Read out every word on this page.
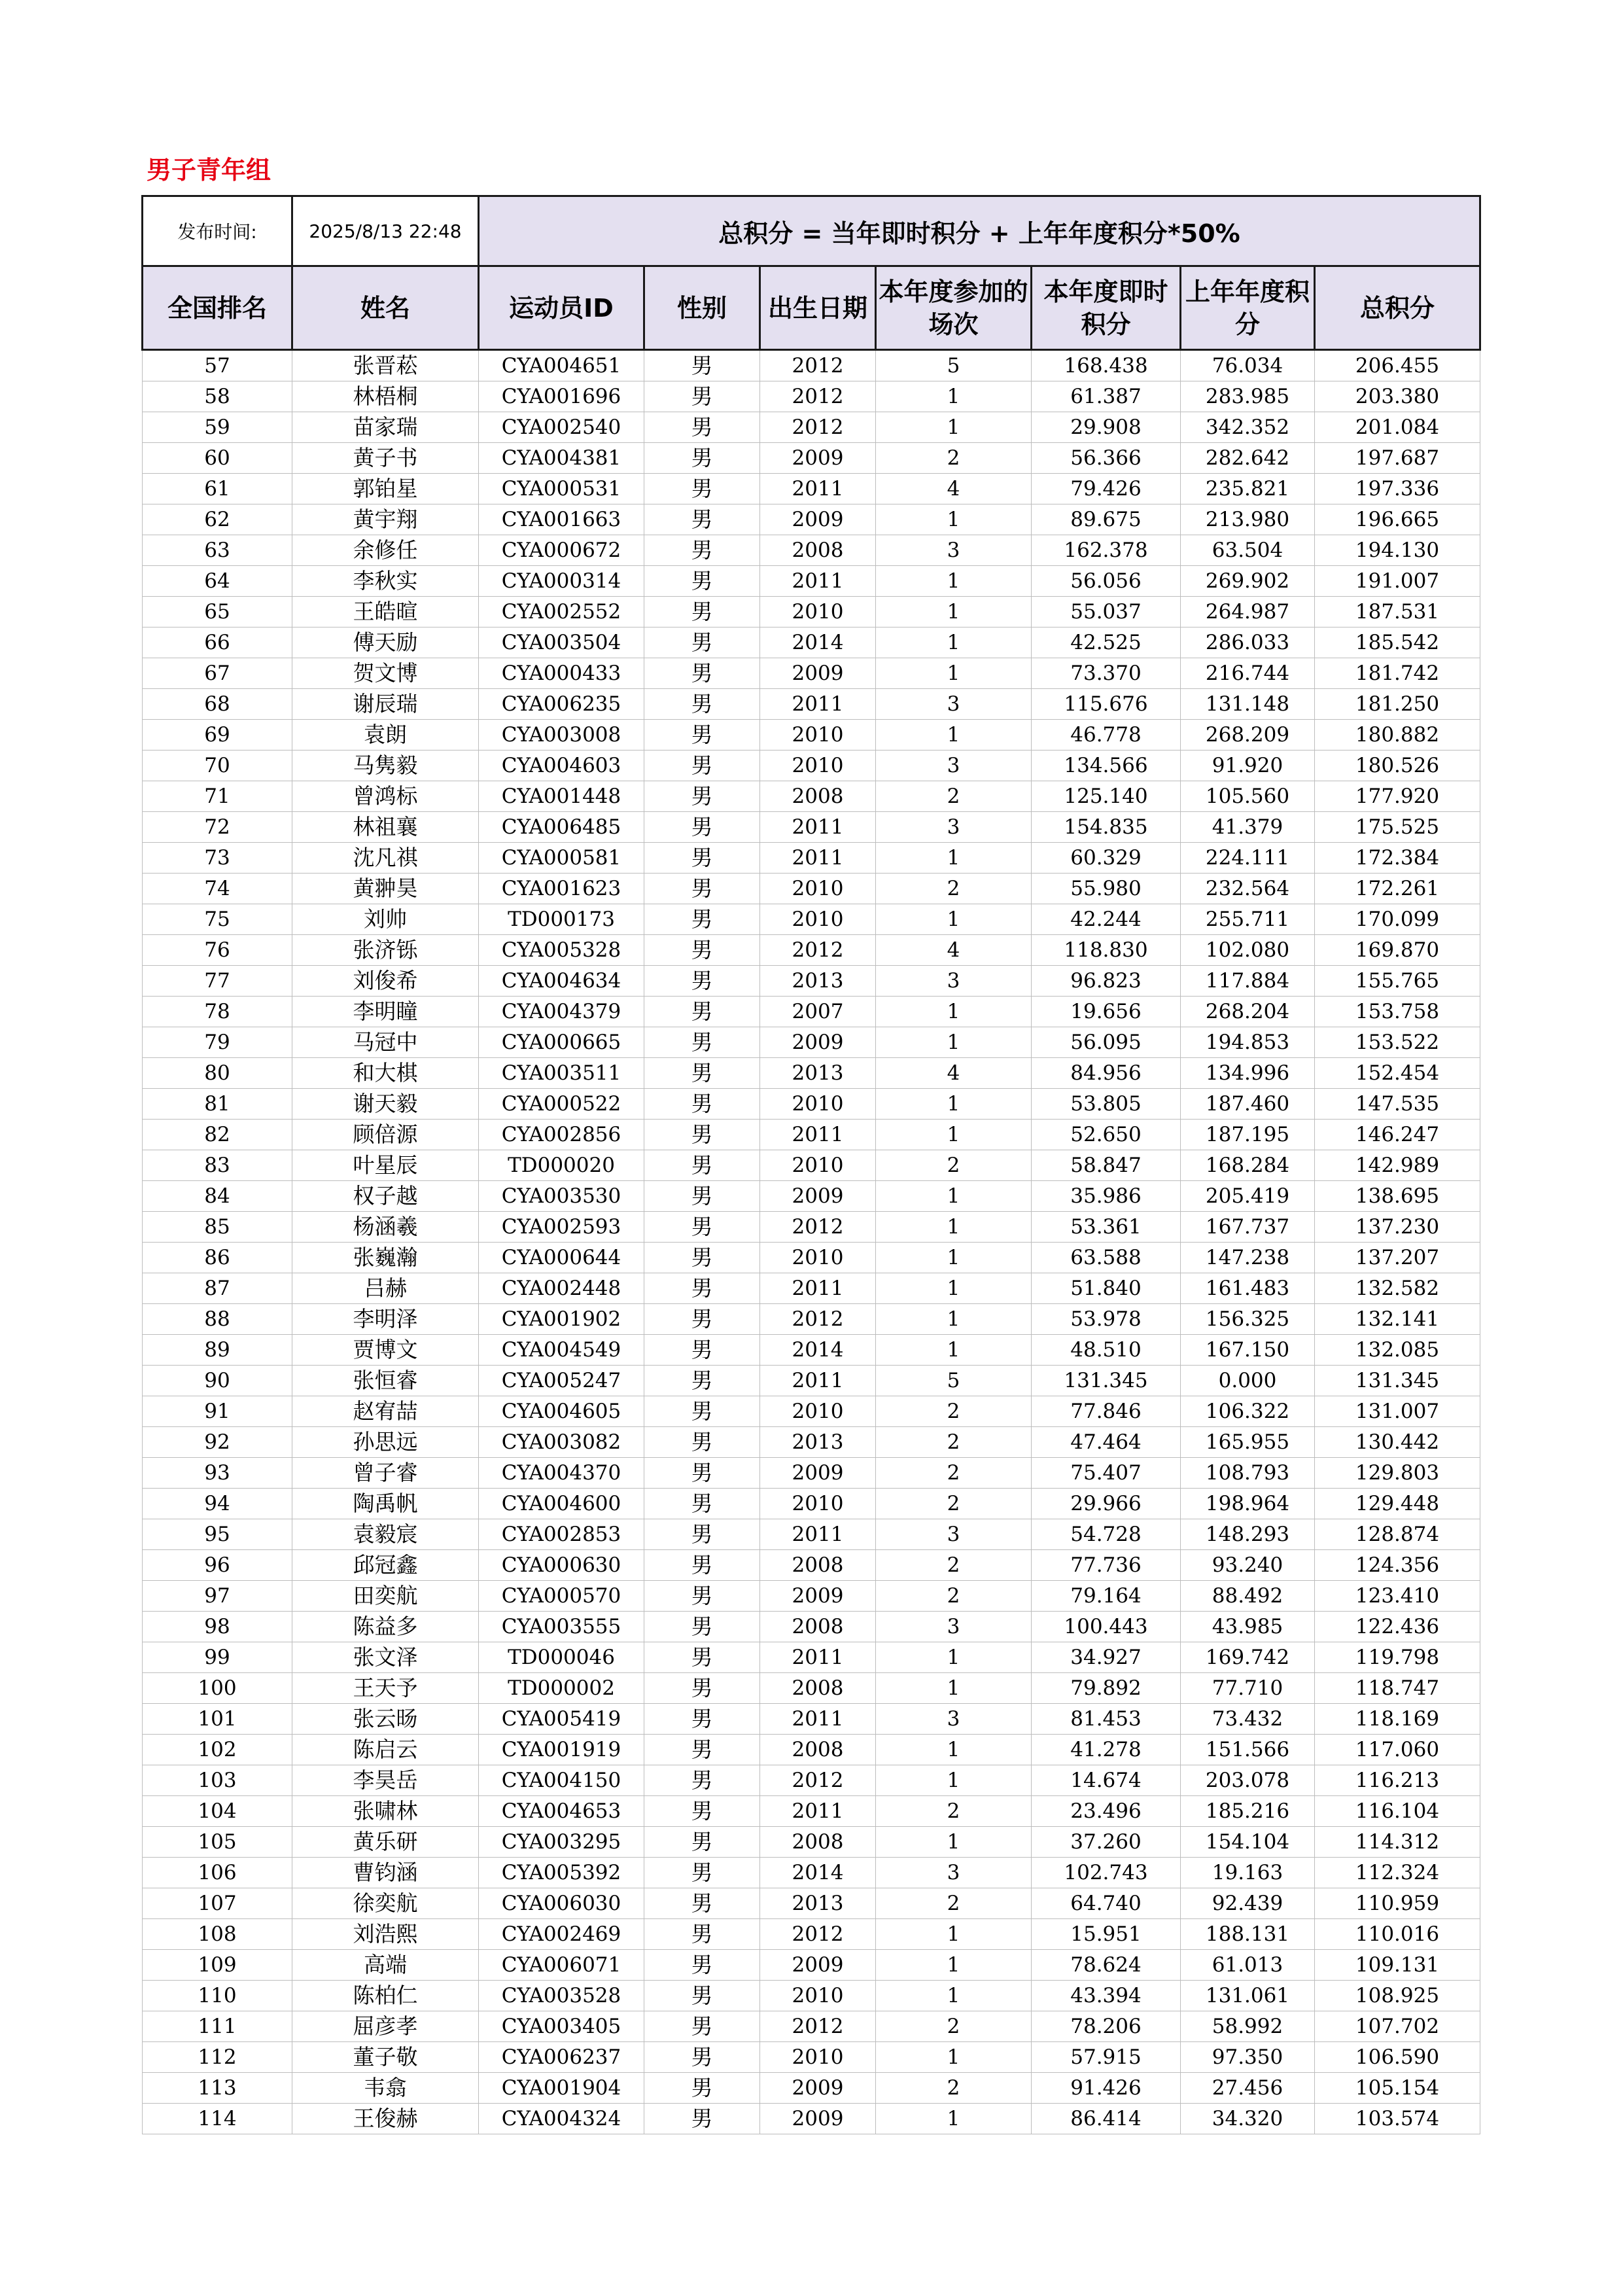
男子青年组
发布时间:	2025/8/13 22:48	总积分 = 当年即时积分 + 上年年度积分*50%						
全国排名	姓名	运动员ID	性别	出生日期	本年度参加的场次	本年度即时积分	上年年度积分	总积分
57	张晋菘	CYA004651	男	2012	5	168.438	76.034	206.455
58	林梧桐	CYA001696	男	2012	1	61.387	283.985	203.380
59	苗家瑞	CYA002540	男	2012	1	29.908	342.352	201.084
60	黄子书	CYA004381	男	2009	2	56.366	282.642	197.687
61	郭铂星	CYA000531	男	2011	4	79.426	235.821	197.336
62	黄宇翔	CYA001663	男	2009	1	89.675	213.980	196.665
63	余修任	CYA000672	男	2008	3	162.378	63.504	194.130
64	李秋实	CYA000314	男	2011	1	56.056	269.902	191.007
65	王皓暄	CYA002552	男	2010	1	55.037	264.987	187.531
66	傅天励	CYA003504	男	2014	1	42.525	286.033	185.542
67	贺文博	CYA000433	男	2009	1	73.370	216.744	181.742
68	谢辰瑞	CYA006235	男	2011	3	115.676	131.148	181.250
69	袁朗	CYA003008	男	2010	1	46.778	268.209	180.882
70	马隽毅	CYA004603	男	2010	3	134.566	91.920	180.526
71	曾鸿标	CYA001448	男	2008	2	125.140	105.560	177.920
72	林祖襄	CYA006485	男	2011	3	154.835	41.379	175.525
73	沈凡祺	CYA000581	男	2011	1	60.329	224.111	172.384
74	黄翀昊	CYA001623	男	2010	2	55.980	232.564	172.261
75	刘帅	TD000173	男	2010	1	42.244	255.711	170.099
76	张济铄	CYA005328	男	2012	4	118.830	102.080	169.870
77	刘俊希	CYA004634	男	2013	3	96.823	117.884	155.765
78	李明瞳	CYA004379	男	2007	1	19.656	268.204	153.758
79	马冠中	CYA000665	男	2009	1	56.095	194.853	153.522
80	和大棋	CYA003511	男	2013	4	84.956	134.996	152.454
81	谢天毅	CYA000522	男	2010	1	53.805	187.460	147.535
82	顾倍源	CYA002856	男	2011	1	52.650	187.195	146.247
83	叶星辰	TD000020	男	2010	2	58.847	168.284	142.989
84	权子越	CYA003530	男	2009	1	35.986	205.419	138.695
85	杨涵羲	CYA002593	男	2012	1	53.361	167.737	137.230
86	张巍瀚	CYA000644	男	2010	1	63.588	147.238	137.207
87	吕赫	CYA002448	男	2011	1	51.840	161.483	132.582
88	李明泽	CYA001902	男	2012	1	53.978	156.325	132.141
89	贾博文	CYA004549	男	2014	1	48.510	167.150	132.085
90	张恒睿	CYA005247	男	2011	5	131.345	0.000	131.345
91	赵宥喆	CYA004605	男	2010	2	77.846	106.322	131.007
92	孙思远	CYA003082	男	2013	2	47.464	165.955	130.442
93	曾子睿	CYA004370	男	2009	2	75.407	108.793	129.803
94	陶禹帆	CYA004600	男	2010	2	29.966	198.964	129.448
95	袁毅宸	CYA002853	男	2011	3	54.728	148.293	128.874
96	邱冠鑫	CYA000630	男	2008	2	77.736	93.240	124.356
97	田奕航	CYA000570	男	2009	2	79.164	88.492	123.410
98	陈益多	CYA003555	男	2008	3	100.443	43.985	122.436
99	张文泽	TD000046	男	2011	1	34.927	169.742	119.798
100	王天予	TD000002	男	2008	1	79.892	77.710	118.747
101	张云旸	CYA005419	男	2011	3	81.453	73.432	118.169
102	陈启云	CYA001919	男	2008	1	41.278	151.566	117.060
103	李昊岳	CYA004150	男	2012	1	14.674	203.078	116.213
104	张啸林	CYA004653	男	2011	2	23.496	185.216	116.104
105	黄乐研	CYA003295	男	2008	1	37.260	154.104	114.312
106	曹钧涵	CYA005392	男	2014	3	102.743	19.163	112.324
107	徐奕航	CYA006030	男	2013	2	64.740	92.439	110.959
108	刘浩熙	CYA002469	男	2012	1	15.951	188.131	110.016
109	高端	CYA006071	男	2009	1	78.624	61.013	109.131
110	陈柏仁	CYA003528	男	2010	1	43.394	131.061	108.925
111	屈彦孝	CYA003405	男	2012	2	78.206	58.992	107.702
112	董子敬	CYA006237	男	2010	1	57.915	97.350	106.590
113	韦翕	CYA001904	男	2009	2	91.426	27.456	105.154
114	王俊赫	CYA004324	男	2009	1	86.414	34.320	103.574
